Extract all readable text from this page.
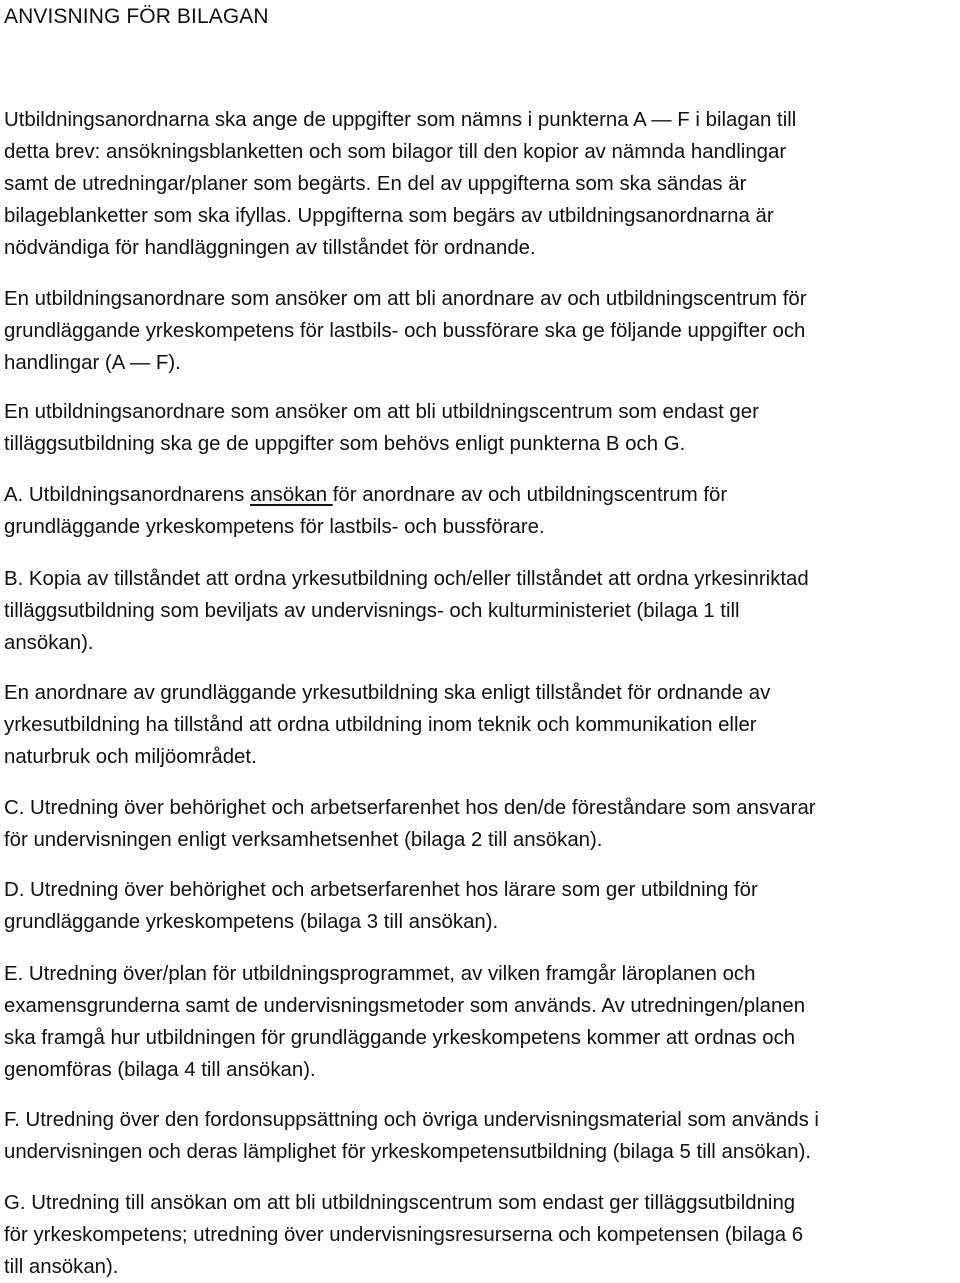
ANVISNING FÖR BILAGAN

Utbildningsanordnarna ska ange de uppgifter som nämns i punkterna A — F i bilagan till
detta brev: ansökningsblanketten och som bilagor till den kopior av nämnda handlingar
samt de utredningar/planer som begärts. En del av uppgifterna som ska sändas är
bilageblanketter som ska ifyllas. Uppgifterna som begärs av utbildningsanordnarna är
nödvändiga för handläggningen av tillståndet för ordnande.

En utbildningsanordnare som ansöker om att bli anordnare av och utbildningscentrum för
grundläggande yrkeskompetens för lastbils- och bussförare ska ge följande uppgifter och
handlingar (A — F).

En utbildningsanordnare som ansöker om att bli utbildningscentrum som endast ger
tilläggsutbildning ska ge de uppgifter som behövs enligt punkterna B och G.

A. Utbildningsanordnarens ansökan för anordnare av och utbildningscentrum för
grundläggande yrkeskompetens för lastbils- och bussförare.

B. Kopia av tillståndet att ordna yrkesutbildning och/eller tillståndet att ordna yrkesinriktad
tilläggsutbildning som beviljats av undervisnings- och kulturministeriet (bilaga 1 till
ansökan).

En anordnare av grundläggande yrkesutbildning ska enligt tillståndet för ordnande av
yrkesutbildning ha tillstånd att ordna utbildning inom teknik och kommunikation eller
naturbruk och miljöområdet.

C. Utredning över behörighet och arbetserfarenhet hos den/de föreståndare som ansvarar
för undervisningen enligt verksamhetsenhet (bilaga 2 till ansökan).

D. Utredning över behörighet och arbetserfarenhet hos lärare som ger utbildning för
grundläggande yrkeskompetens (bilaga 3 till ansökan).

E. Utredning över/plan för utbildningsprogrammet, av vilken framgår läroplanen och
examensgrunderna samt de undervisningsmetoder som används. Av utredningen/planen
ska framgå hur utbildningen för grundläggande yrkeskompetens kommer att ordnas och
genomföras (bilaga 4 till ansökan).

F. Utredning över den fordonsuppsättning och övriga undervisningsmaterial som används i
undervisningen och deras lämplighet för yrkeskompetensutbildning (bilaga 5 till ansökan).

G. Utredning till ansökan om att bli utbildningscentrum som endast ger tilläggsutbildning
för yrkeskompetens; utredning över undervisningsresurserna och kompetensen (bilaga 6
till ansökan).
